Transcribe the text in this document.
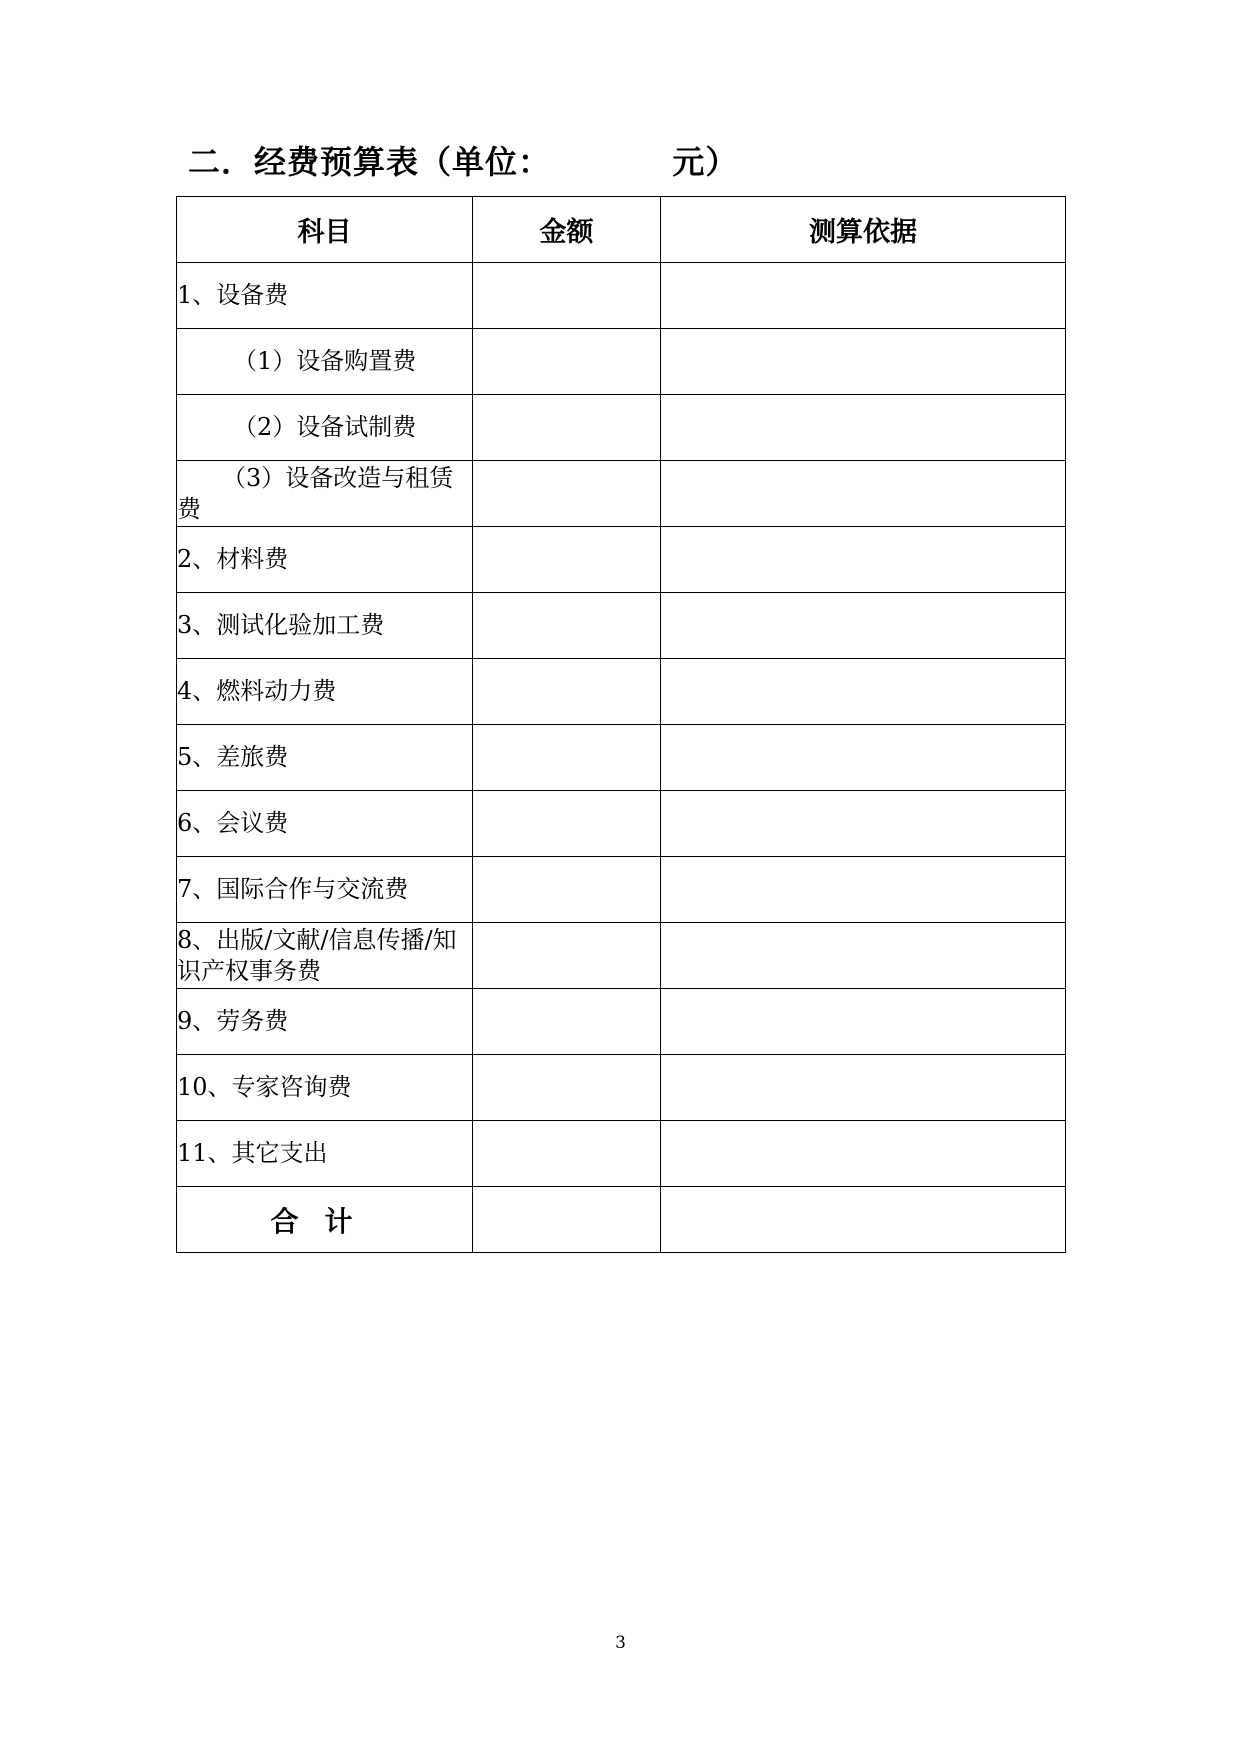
二．经费预算表（单位：          元）
科目	金额	测算依据
1、设备费		
（1）设备购置费		
（2）设备试制费		
（3）设备改造与租赁费		
2、材料费		
3、测试化验加工费		
4、燃料动力费		
5、差旅费		
6、会议费		
7、国际合作与交流费		
8、出版/文献/信息传播/知识产权事务费		
9、劳务费		
10、专家咨询费		
11、其它支出		
合计		
3
